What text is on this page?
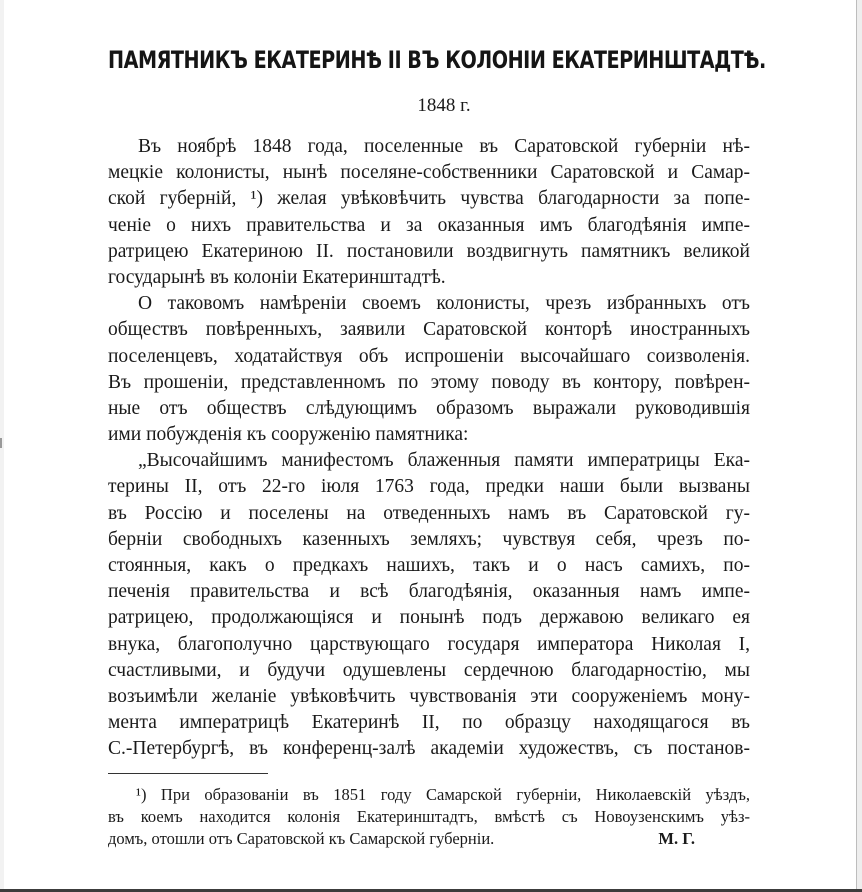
ПАМЯТНИКЪ ЕКАТЕРИНѢ II ВЪ КОЛОНІИ ЕКАТЕРИНШТАДТѢ.
1848 г.
Въ ноябрѣ 1848 года, поселенные въ Саратовской губерніи нѣ-
мецкіе колонисты, нынѣ поселяне-собственники Саратовской и Самар-
ской губерній, ¹) желая увѣковѣчить чувства благодарности за попе-
ченіе о нихъ правительства и за оказанныя имъ благодѣянія импе-
ратрицею Екатериною II. постановили воздвигнуть памятникъ великой
государынѣ въ колоніи Екатеринштадтѣ.
О таковомъ намѣреніи своемъ колонисты, чрезъ избранныхъ отъ
обществъ повѣренныхъ, заявили Саратовской конторѣ иностранныхъ
поселенцевъ, ходатайствуя объ испрошеніи высочайшаго соизволенія.
Въ прошеніи, представленномъ по этому поводу въ контору, повѣрен-
ные отъ обществъ слѣдующимъ образомъ выражали руководившія
ими побужденія къ сооруженію памятника:
„Высочайшимъ манифестомъ блаженныя памяти императрицы Ека-
терины II, отъ 22-го іюля 1763 года, предки наши были вызваны
въ Россію и поселены на отведенныхъ намъ въ Саратовской гу-
берніи свободныхъ казенныхъ земляхъ; чувствуя себя, чрезъ по-
стоянныя, какъ о предкахъ нашихъ, такъ и о насъ самихъ, по-
печенія правительства и всѣ благодѣянія, оказанныя намъ импе-
ратрицею, продолжающіяся и понынѣ подъ державою великаго ея
внука, благополучно царствующаго государя императора Николая I,
счастливыми, и будучи одушевлены сердечною благодарностію, мы
возъимѣли желаніе увѣковѣчить чувствованія эти сооруженіемъ мону-
мента императрицѣ Екатеринѣ II, по образцу находящагося въ
С.-Петербургѣ, въ конференц-залѣ академіи художествъ, съ постанов-
¹) При образованіи въ 1851 году Самарской губерніи, Николаевскій уѣздъ,
въ коемъ находится колонія Екатеринштадтъ, вмѣстѣ съ Новоузенскимъ уѣз-
домъ, отошли отъ Саратовской къ Самарской губерніи.	М. Г.
